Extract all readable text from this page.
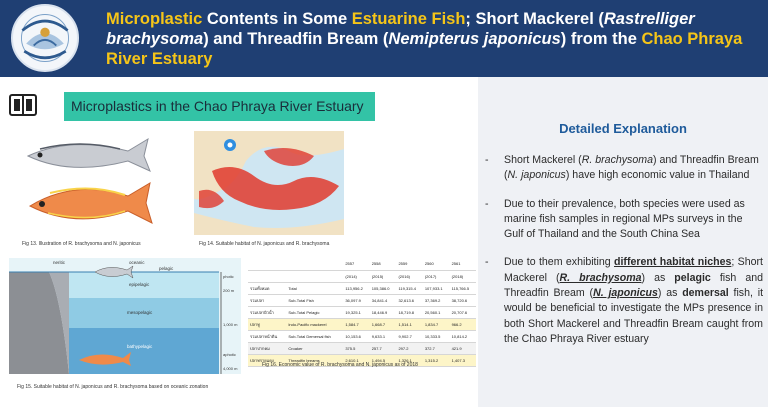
Microplastic Contents in Some Estuarine Fish; Short Mackerel (Rastrelliger brachysoma) and Threadfin Bream (Nemipterus japonicus) from the Chao Phraya River Estuary
Microplastics in the Chao Phraya River Estuary
Fig 13. Illustration of R. brachysoma and N. japonicus	Fig 14. Suitable habitat of N. japonicus and R. brachysoma
neritic	oceanic
pelagic
epipelagic
mesopelagic
bathypelagic
photic
200 m
1,000 m
aphotic
4,000 m
Fig 15. Suitable habitat of N. japonicus and R. brachysoma based on oceanic zonation
		2557	2558	2559	2560	2561
		(2014)	(2015)	(2016)	(2017)	(2018)
รวมทั้งหมด	Total	113,956.2	105,386.0	119,315.4	107,933.1	115,766.5
รวมปลา	Sub-Total Fish	36,097.9	34,841.4	32,613.6	37,369.2	38,720.6
รวมปลาผิวน้ำ	Sub-Total Pelagic	19,325.1	18,446.9	18,719.8	20,560.1	20,707.6
ปลาทู	Indo-Pacific mackerel	1,584.7	1,668.7	1,514.1	1,834.7	966.2
รวมปลาหน้าดิน	Sub-Total Demersal fish	10,153.6	9,633.1	9,902.7	10,333.5	10,814.2
ปลาปากคม	Croaker	375.5	257.7	297.2	372.7	421.9
ปลาทรายแดง	Threadfin breams	2,610.1	1,494.5	1,326.1	1,315.2	1,407.3
Fig 16. Economic value of R. brachysoma and N. japonicus as of 2018
Detailed Explanation
- Short Mackerel (R. brachysoma) and Threadfin Bream (N. japonicus) have high economic value in Thailand
- Due to their prevalence, both species were used as marine fish samples in regional MPs surveys in the Gulf of Thailand and the South China Sea
- Due to them exhibiting different habitat niches; Short Mackerel (R. brachysoma) as pelagic fish and Threadfin Bream (N. japonicus) as demersal fish, it would be beneficial to investigate the MPs presence in both Short Mackerel and Threadfin Bream caught from the Chao Phraya River estuary
